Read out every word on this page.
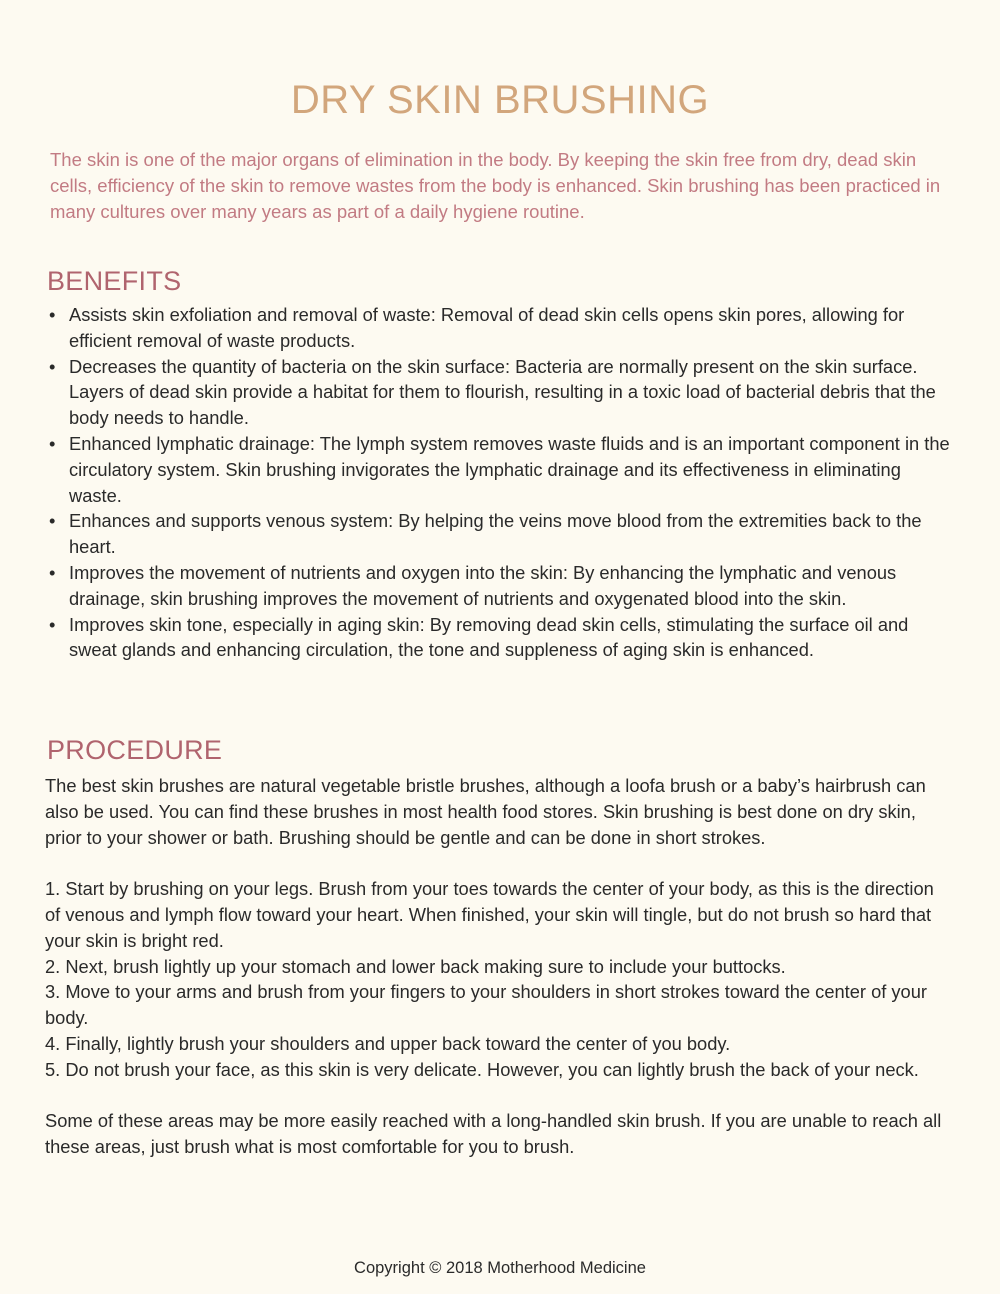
DRY SKIN BRUSHING

The skin is one of the major organs of elimination in the body. By keeping the skin free from dry, dead skin cells, efficiency of the skin to remove wastes from the body is enhanced. Skin brushing has been practiced in many cultures over many years as part of a daily hygiene routine.

BENEFITS
• Assists skin exfoliation and removal of waste: Removal of dead skin cells opens skin pores, allowing for efficient removal of waste products.
• Decreases the quantity of bacteria on the skin surface: Bacteria are normally present on the skin surface. Layers of dead skin provide a habitat for them to flourish, resulting in a toxic load of bacterial debris that the body needs to handle.
• Enhanced lymphatic drainage: The lymph system removes waste fluids and is an important component in the circulatory system. Skin brushing invigorates the lymphatic drainage and its effectiveness in eliminating waste.
• Enhances and supports venous system: By helping the veins move blood from the extremities back to the heart.
• Improves the movement of nutrients and oxygen into the skin: By enhancing the lymphatic and venous drainage, skin brushing improves the movement of nutrients and oxygenated blood into the skin.
• Improves skin tone, especially in aging skin: By removing dead skin cells, stimulating the surface oil and sweat glands and enhancing circulation, the tone and suppleness of aging skin is enhanced.
PROCEDURE

The best skin brushes are natural vegetable bristle brushes, although a loofa brush or a baby’s hairbrush can also be used. You can find these brushes in most health food stores. Skin brushing is best done on dry skin, prior to your shower or bath. Brushing should be gentle and can be done in short strokes.

1. Start by brushing on your legs. Brush from your toes towards the center of your body, as this is the direction of venous and lymph flow toward your heart. When finished, your skin will tingle, but do not brush so hard that your skin is bright red.

2. Next, brush lightly up your stomach and lower back making sure to include your buttocks.

3. Move to your arms and brush from your fingers to your shoulders in short strokes toward the center of your body.

4. Finally, lightly brush your shoulders and upper back toward the center of you body.

5. Do not brush your face, as this skin is very delicate. However, you can lightly brush the back of your neck.

Some of these areas may be more easily reached with a long-handled skin brush. If you are unable to reach all these areas, just brush what is most comfortable for you to brush.

Copyright © 2018 Motherhood Medicine
